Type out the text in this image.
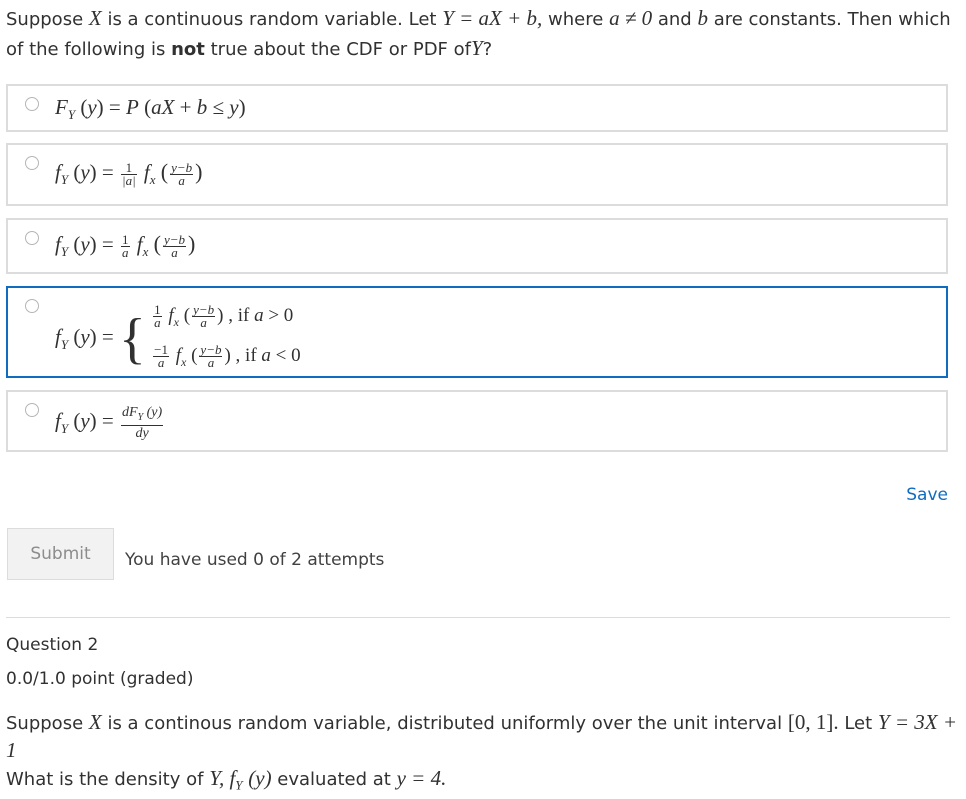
Suppose X is a continuous random variable. Let Y = aX + b, where a ≠ 0 and b are constants. Then which of the following is not true about the CDF or PDF ofY?
$F_Y$ (y) = P (aX + b ≤ y)
$f_Y$ $(y) = \frac{1}{|a|} f_x$ ( $\frac{y-b}{a}$ )
$f_Y$ $(y) = \frac{1}{a} f_x$ ( $\frac{y-b}{a}$ )
$f_Y$ (y) = { $\frac{1}{a} f_x$ ( $\frac{y-b}{a}$ ) , if a > 0
$\frac{-1}{a} f_x$ ( $\frac{y-b}{a}$ ) , if a < 0
$f_Y$ $(y) = \frac{dF_Y (y)}{dy}$
Save
Submit	You have used 0 of 2 attempts
Question 2
0.0/1.0 point (graded)
Suppose X is a continous random variable, distributed uniformly over the unit interval [0, 1]. Let Y = 3X + 1
What is the density of Y, $f_Y$ (y) evaluated at y = 4.
